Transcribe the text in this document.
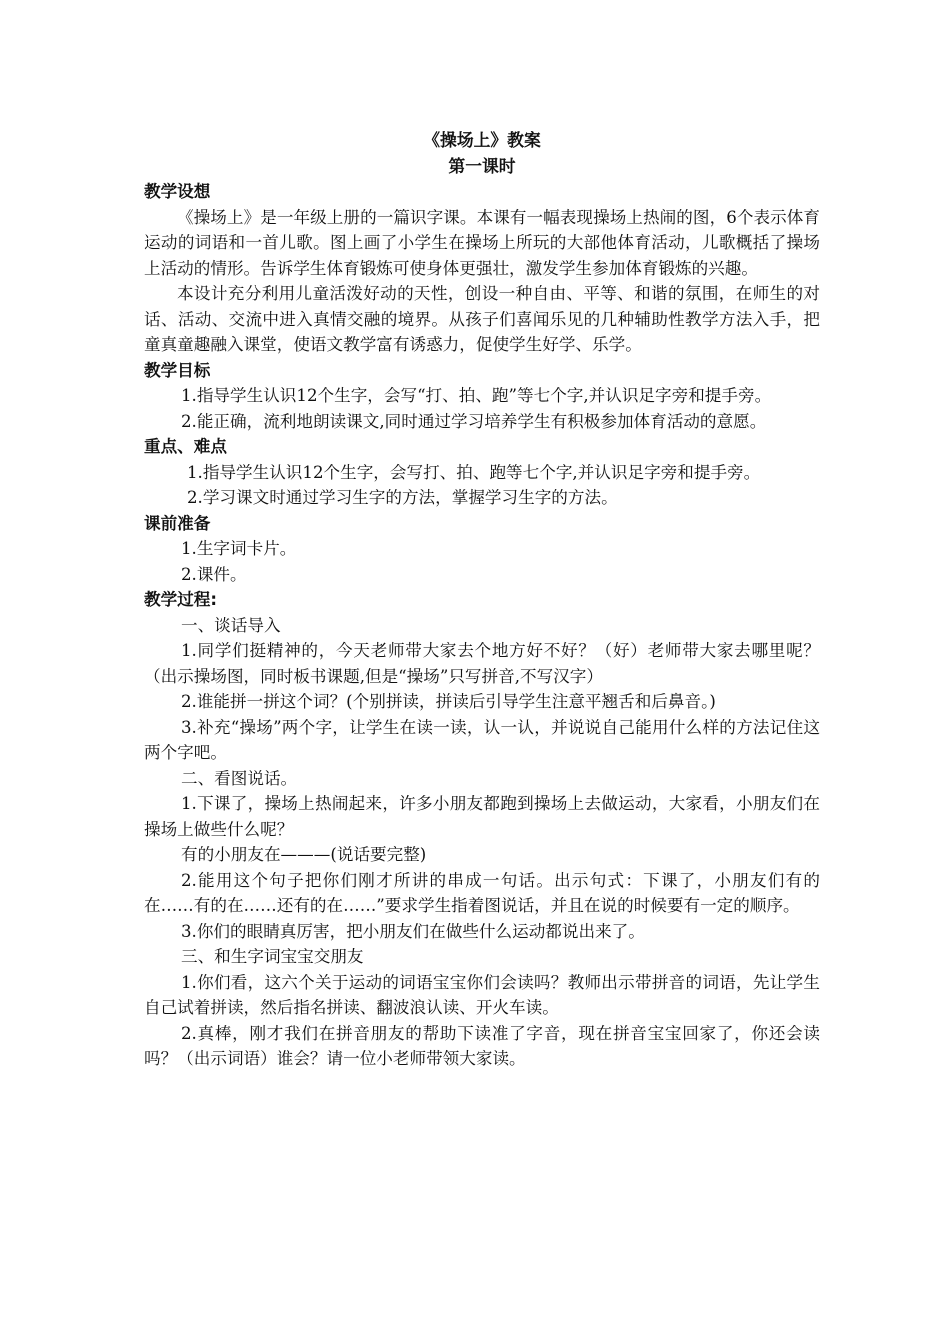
《操场上》教案
第一课时
教学设想

《操场上》是一年级上册的一篇识字课。本课有一幅表现操场上热闹的图，6个表示体育运动的词语和一首儿歌。图上画了小学生在操场上所玩的大部他体育活动，儿歌概括了操场上活动的情形。告诉学生体育锻炼可使身体更强壮，激发学生参加体育锻炼的兴趣。

本设计充分利用儿童活泼好动的天性，创设一种自由、平等、和谐的氛围，在师生的对话、活动、交流中进入真情交融的境界。从孩子们喜闻乐见的几种辅助性教学方法入手，把童真童趣融入课堂，使语文教学富有诱惑力，促使学生好学、乐学。

教学目标

1.指导学生认识12个生字，会写“打、拍、跑”等七个字,并认识足字旁和提手旁。

2.能正确，流利地朗读课文,同时通过学习培养学生有积极参加体育活动的意愿。

重点、难点

1.指导学生认识12个生字，会写打、拍、跑等七个字,并认识足字旁和提手旁。

2.学习课文时通过学习生字的方法，掌握学习生字的方法。

课前准备

1.生字词卡片。

2.课件。

教学过程:

一、谈话导入

1.同学们挺精神的，今天老师带大家去个地方好不好？（好）老师带大家去哪里呢？（出示操场图，同时板书课题,但是“操场”只写拼音,不写汉字）

2.谁能拼一拼这个词？(个别拼读，拼读后引导学生注意平翘舌和后鼻音。)

3.补充“操场”两个字，让学生在读一读，认一认，并说说自己能用什么样的方法记住这两个字吧。

二、看图说话。

1.下课了，操场上热闹起来，许多小朋友都跑到操场上去做运动，大家看，小朋友们在操场上做些什么呢？

有的小朋友在———(说话要完整)

2.能用这个句子把你们刚才所讲的串成一句话。出示句式：下课了，小朋友们有的在……有的在……还有的在……”要求学生指着图说话，并且在说的时候要有一定的顺序。

3.你们的眼睛真厉害，把小朋友们在做些什么运动都说出来了。

三、和生字词宝宝交朋友

1.你们看，这六个关于运动的词语宝宝你们会读吗？教师出示带拼音的词语，先让学生自己试着拼读，然后指名拼读、翻波浪认读、开火车读。

2.真棒，刚才我们在拼音朋友的帮助下读准了字音，现在拼音宝宝回家了，你还会读吗？（出示词语）谁会？请一位小老师带领大家读。
